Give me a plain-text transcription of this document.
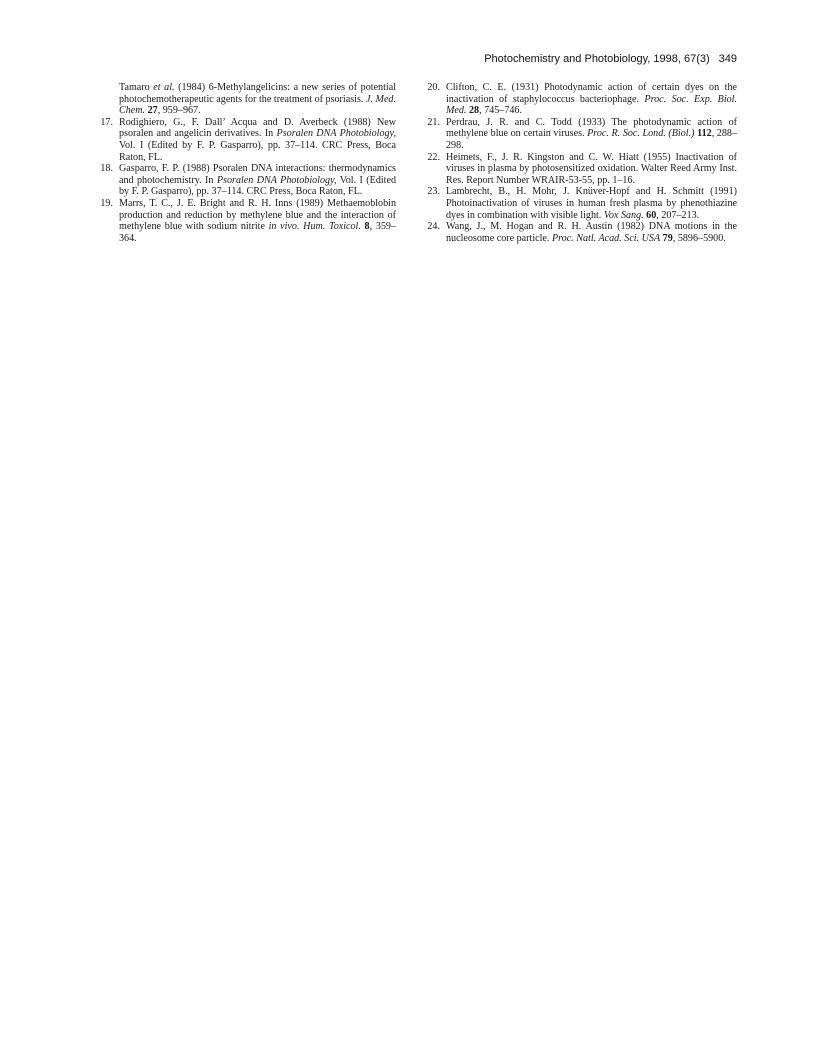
Photochemistry and Photobiology, 1998, 67(3) 349

Tamaro et al. (1984) 6-Methylangelicins: a new series of potential photochemotherapeutic agents for the treatment of psoriasis. J. Med. Chem. 27, 959–967.

17. Rodighiero, G., F. Dall’ Acqua and D. Averbeck (1988) New psoralen and angelicin derivatives. In Psoralen DNA Photobiology, Vol. I (Edited by F. P. Gasparro), pp. 37–114. CRC Press, Boca Raton, FL.

18. Gasparro, F. P. (1988) Psoralen DNA interactions: thermodynamics and photochemistry. In Psoralen DNA Photobiology, Vol. I (Edited by F. P. Gasparro), pp. 37–114. CRC Press, Boca Raton, FL.

19. Marrs, T. C., J. E. Bright and R. H. Inns (1989) Methaemoblobin production and reduction by methylene blue and the interaction of methylene blue with sodium nitrite in vivo. Hum. Toxicol. 8, 359–364.

20. Clifton, C. E. (1931) Photodynamic action of certain dyes on the inactivation of staphylococcus bacteriophage. Proc. Soc. Exp. Biol. Med. 28, 745–746.

21. Perdrau, J. R. and C. Todd (1933) The photodynamic action of methylene blue on certain viruses. Proc. R. Soc. Lond. (Biol.) 112, 288–298.

22. Heimets, F., J. R. Kingston and C. W. Hiatt (1955) Inactivation of viruses in plasma by photosensitized oxidation. Walter Reed Army Inst. Res. Report Number WRAIR-53-55, pp. 1–16.

23. Lambrecht, B., H. Mohr, J. Knüver-Hopf and H. Schmitt (1991) Photoinactivation of viruses in human fresh plasma by phenothiazine dyes in combination with visible light. Vox Sang. 60, 207–213.

24. Wang, J., M. Hogan and R. H. Austin (1982) DNA motions in the nucleosome core particle. Proc. Natl. Acad. Sci. USA 79, 5896–5900.
